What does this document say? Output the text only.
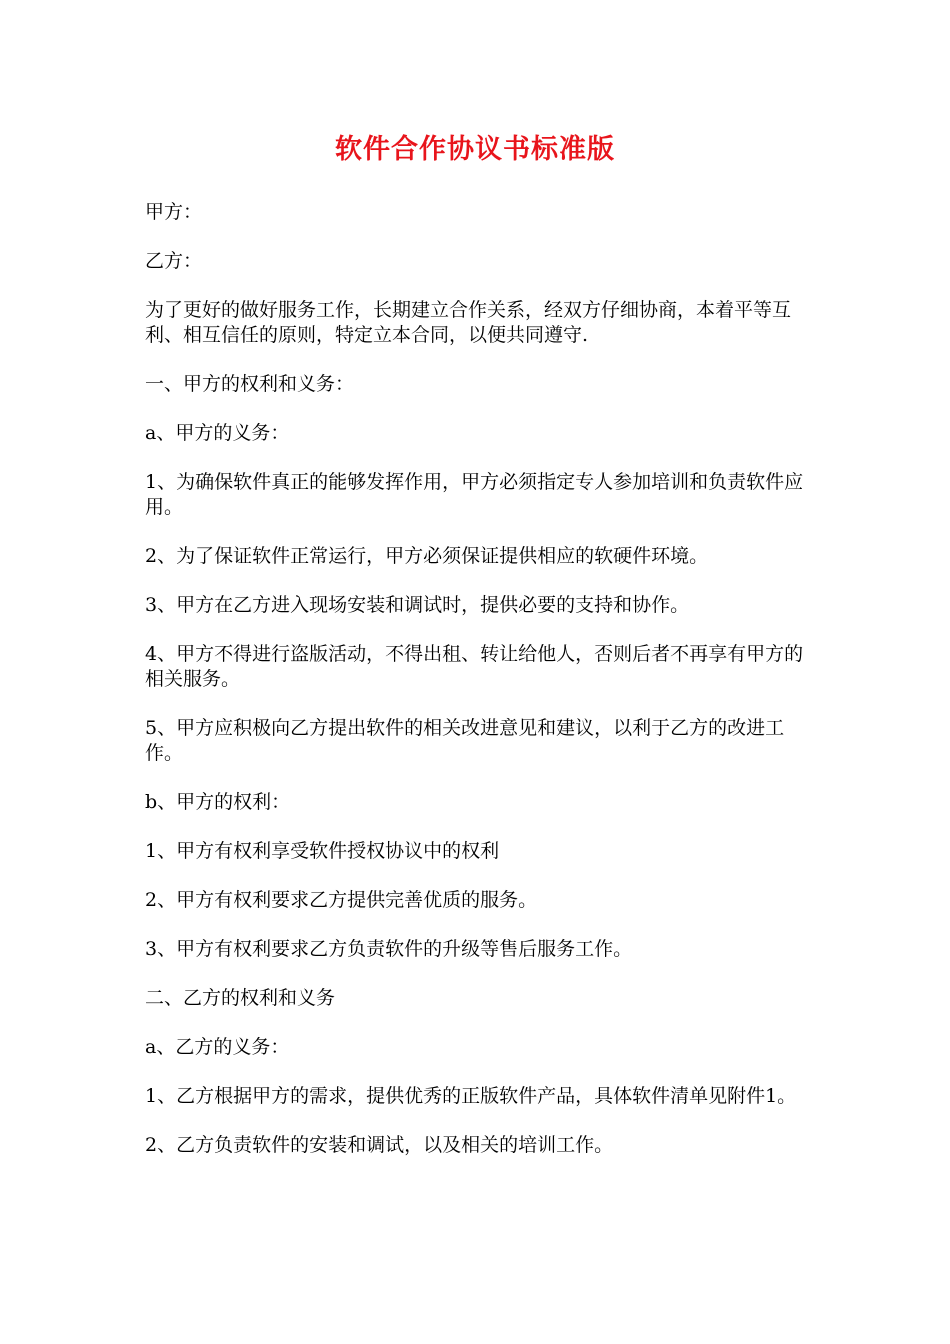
软件合作协议书标准版

甲方：

乙方：

为了更好的做好服务工作，长期建立合作关系，经双方仔细协商，本着平等互利、相互信任的原则，特定立本合同，以便共同遵守.

一、甲方的权利和义务：

a、甲方的义务：

1、为确保软件真正的能够发挥作用，甲方必须指定专人参加培训和负责软件应用。

2、为了保证软件正常运行，甲方必须保证提供相应的软硬件环境。

3、甲方在乙方进入现场安装和调试时，提供必要的支持和协作。

4、甲方不得进行盗版活动，不得出租、转让给他人，否则后者不再享有甲方的相关服务。

5、甲方应积极向乙方提出软件的相关改进意见和建议，以利于乙方的改进工作。

b、甲方的权利：

1、甲方有权利享受软件授权协议中的权利

2、甲方有权利要求乙方提供完善优质的服务。

3、甲方有权利要求乙方负责软件的升级等售后服务工作。

二、乙方的权利和义务

a、乙方的义务：

1、乙方根据甲方的需求，提供优秀的正版软件产品，具体软件清单见附件1。

2、乙方负责软件的安装和调试，以及相关的培训工作。
